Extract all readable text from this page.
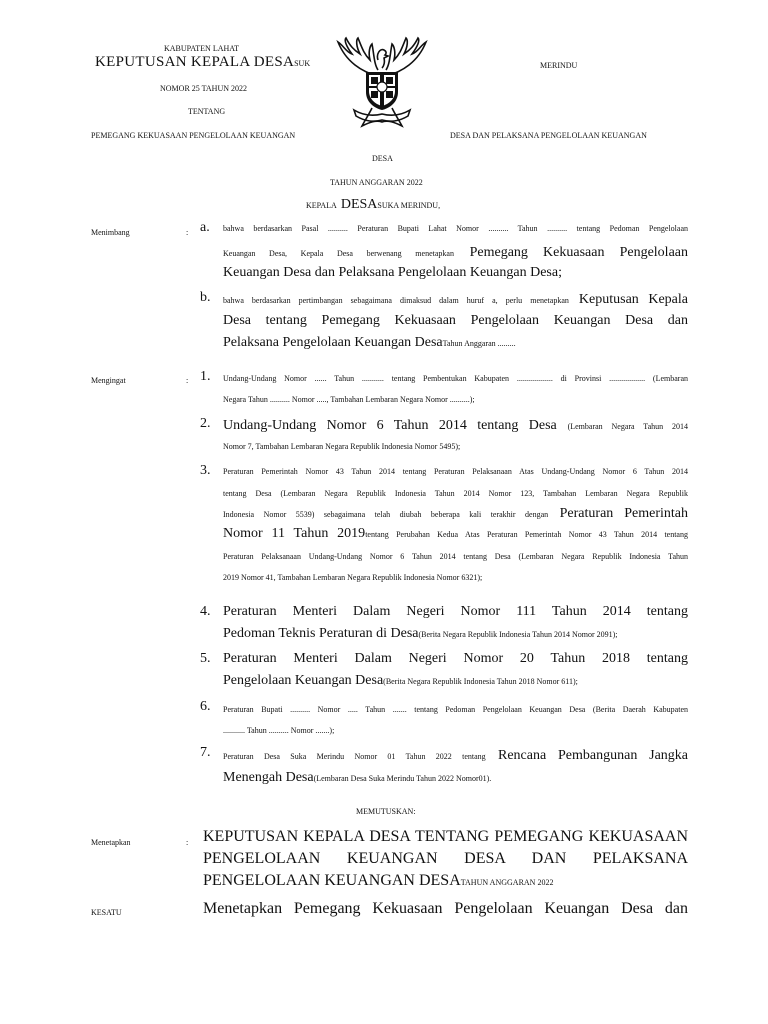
KABUPATEN LAHAT
KEPUTUSAN KEPALA DESASUK	MERINDU
NOMOR 25 TAHUN 2022
TENTANG
PEMEGANG KEKUASAAN PENGELOLAAN KEUANGAN	DESA DAN PELAKSANA PENGELOLAAN KEUANGAN
DESA
TAHUN ANGGARAN 2022
KEPALA DESASUKA MERINDU,
Menimbang	: a. bahwa berdasarkan Pasal .......... Peraturan Bupati Lahat Nomor .......... Tahun .......... tentang Pedoman Pengelolaan
Keuangan Desa, Kepala Desa berwenang menetapkan Pemegang Kekuasaan Pengelolaan
Keuangan Desa dan Pelaksana Pengelolaan Keuangan Desa;
b. bahwa berdasarkan pertimbangan sebagaimana dimaksud dalam huruf a, perlu menetapkan Keputusan Kepala
Desa tentang Pemegang Kekuasaan Pengelolaan Keuangan Desa dan
Pelaksana Pengelolaan Keuangan DesaTahun Anggaran .........
Mengingat	: 1. Undang-Undang Nomor ...... Tahun ........... tentang Pembentukan Kabupaten .................. di Provinsi .................. (Lembaran
Negara Tahun .......... Nomor ....., Tambahan Lembaran Negara Nomor ..........);
2. Undang-Undang Nomor 6 Tahun 2014 tentang Desa (Lembaran Negara Tahun 2014
Nomor 7, Tambahan Lembaran Negara Republik Indonesia Nomor 5495);
3. Peraturan Pemerintah Nomor 43 Tahun 2014 tentang Peraturan Pelaksanaan Atas Undang-Undang Nomor 6 Tahun 2014
tentang Desa (Lembaran Negara Republik Indonesia Tahun 2014 Nomor 123, Tambahan Lembaran Negara Republik
Indonesia Nomor 5539) sebagaimana telah diubah beberapa kali terakhir dengan Peraturan Pemerintah
Nomor 11 Tahun 2019tentang Perubahan Kedua Atas Peraturan Pemerintah Nomor 43 Tahun 2014 tentang
Peraturan Pelaksanaan Undang-Undang Nomor 6 Tahun 2014 tentang Desa (Lembaran Negara Republik Indonesia Tahun
2019 Nomor 41, Tambahan Lembaran Negara Republik Indonesia Nomor 6321);
4. Peraturan Menteri Dalam Negeri Nomor 111 Tahun 2014 tentang
Pedoman Teknis Peraturan di Desa(Berita Negara Republik Indonesia Tahun 2014 Nomor 2091);
5. Peraturan Menteri Dalam Negeri Nomor 20 Tahun 2018 tentang
Pengelolaan Keuangan Desa(Berita Negara Republik Indonesia Tahun 2018 Nomor 611);
6. Peraturan Bupati .......... Nomor ..... Tahun ....... tentang Pedoman Pengelolaan Keuangan Desa (Berita Daerah Kabupaten
........... Tahun .......... Nomor .......);
7. Peraturan Desa Suka Merindu Nomor 01 Tahun 2022 tentang Rencana Pembangunan Jangka
Menengah Desa(Lembaran Desa Suka Merindu Tahun 2022 Nomor01).
MEMUTUSKAN:
Menetapkan	: KEPUTUSAN KEPALA DESA TENTANG PEMEGANG KEKUASAAN
PENGELOLAAN KEUANGAN DESA DAN PELAKSANA
PENGELOLAAN KEUANGAN DESATAHUN ANGGARAN 2022
KESATU	Menetapkan Pemegang Kekuasaan Pengelolaan Keuangan Desa dan
